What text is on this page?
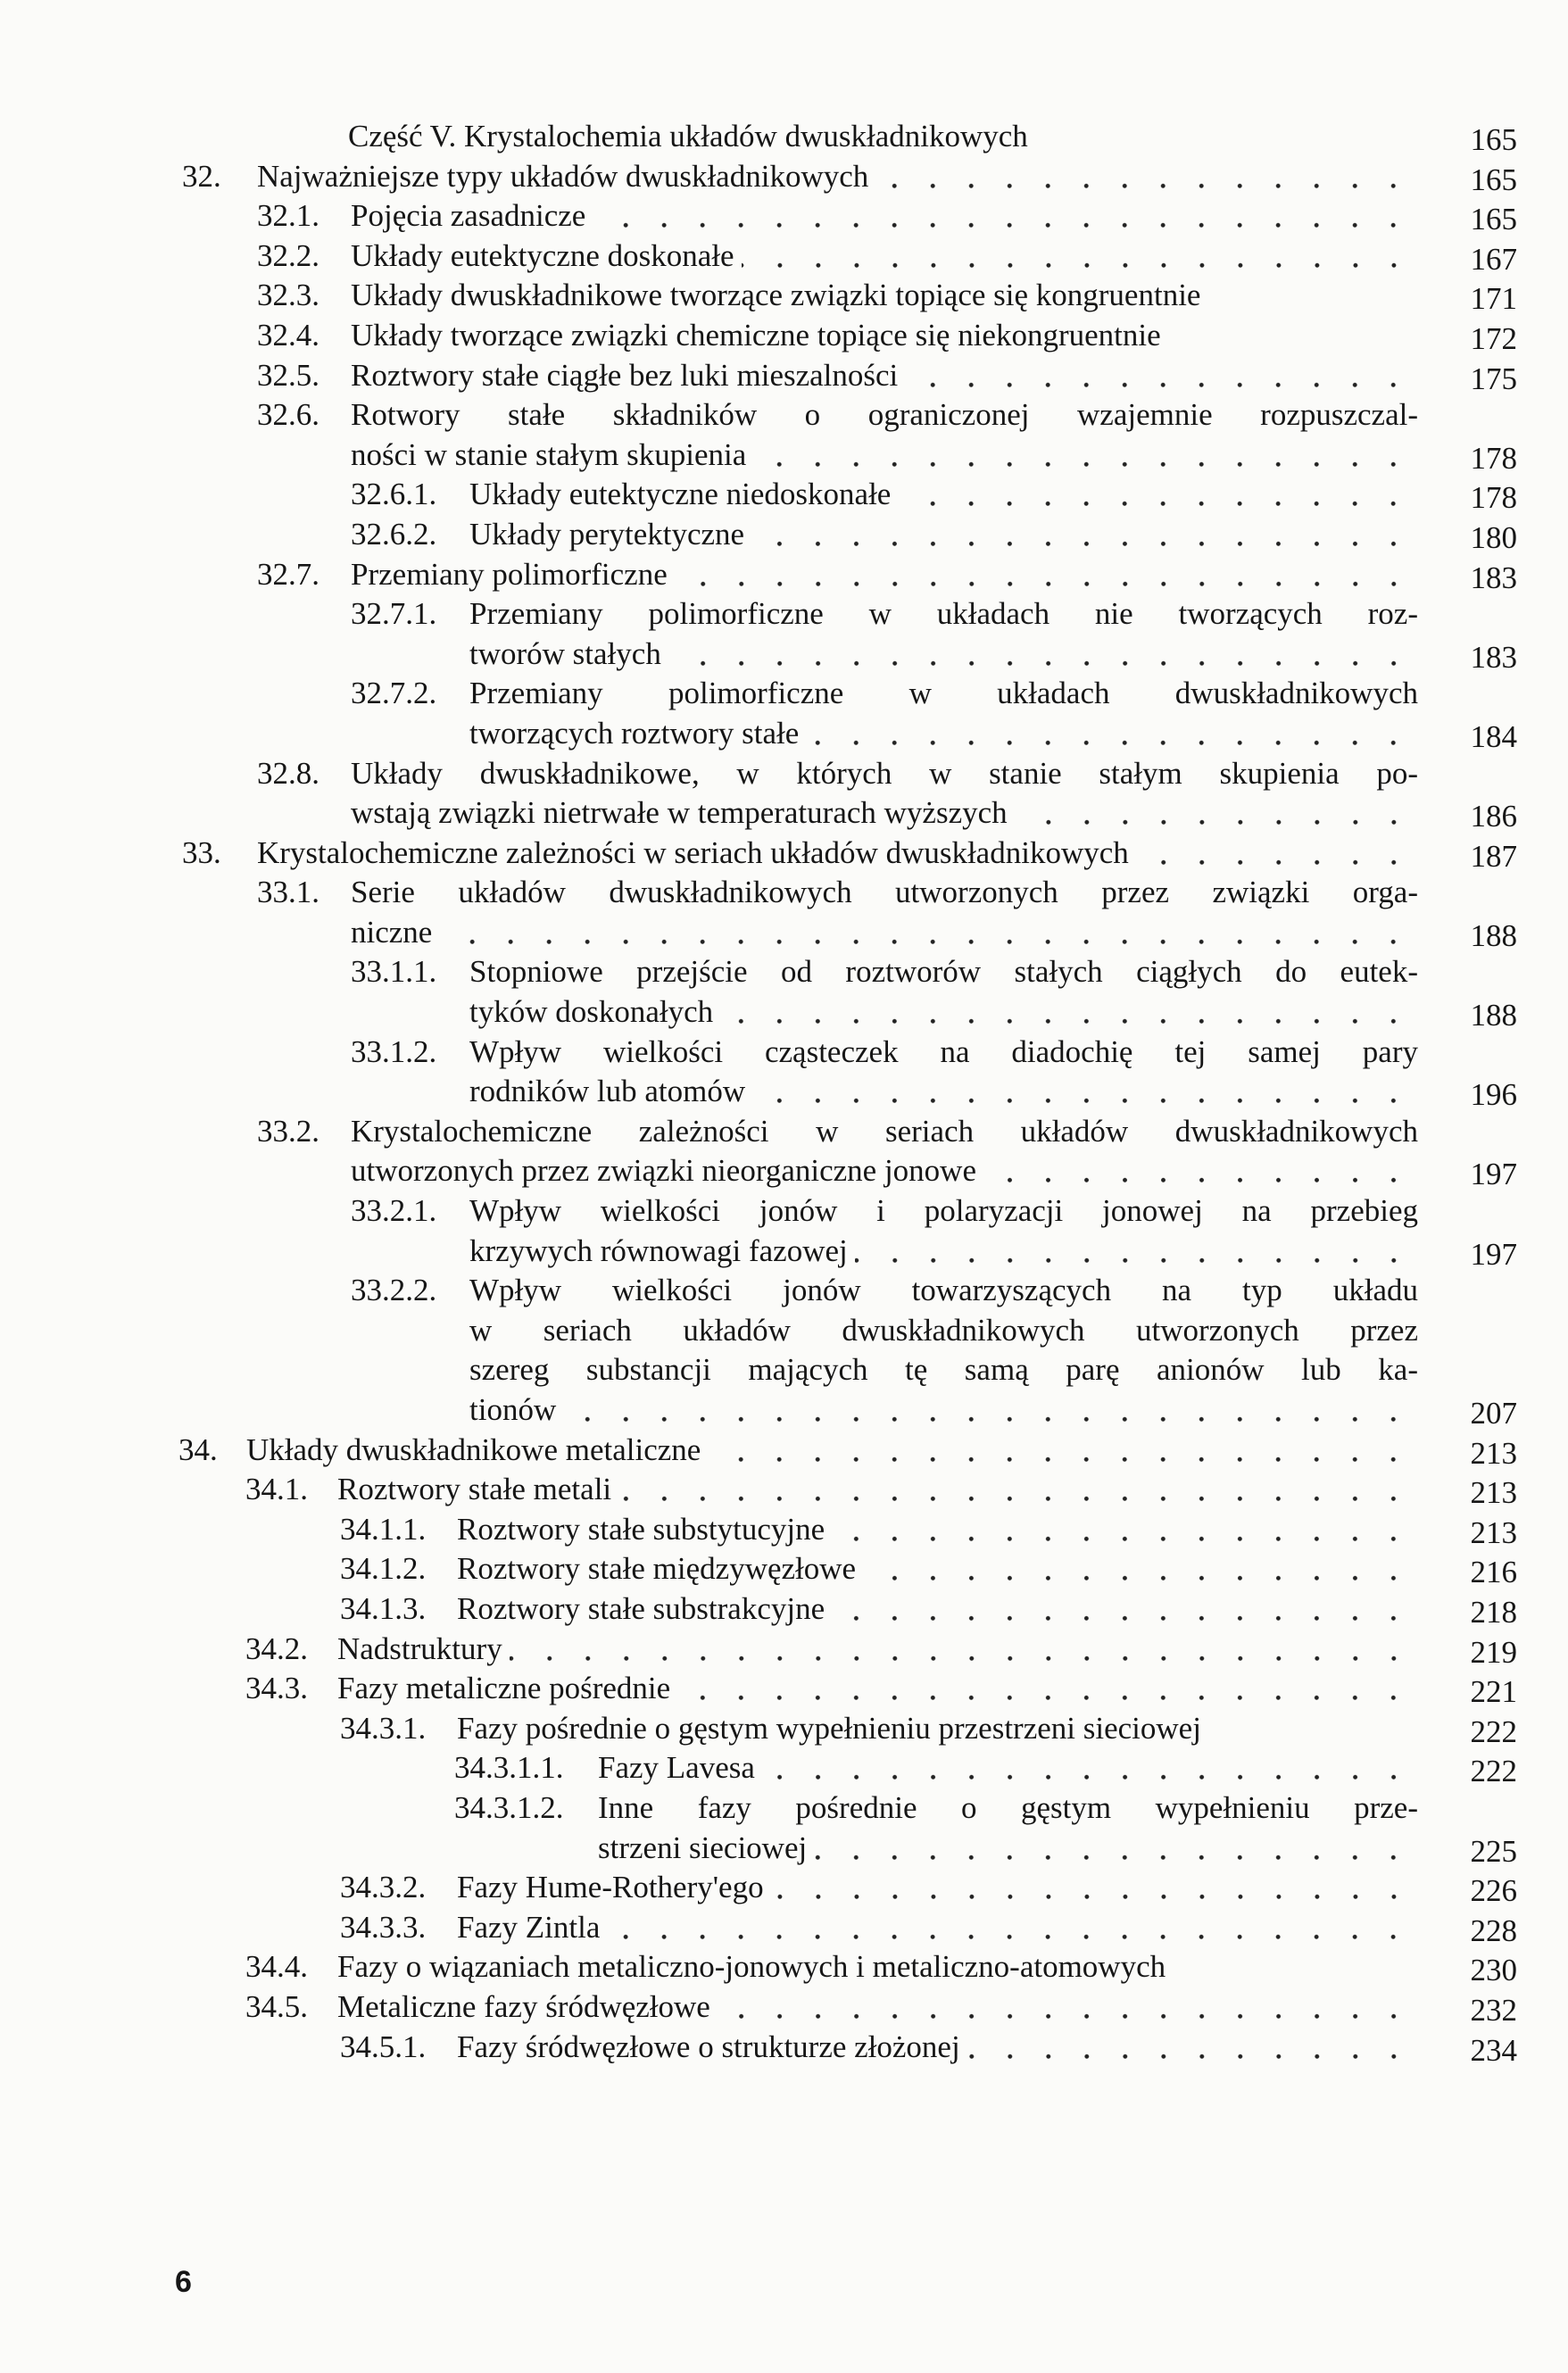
Część V. Krystalochemia układów dwuskładnikowych	165
32. Najważniejsze typy układów dwuskładnikowych	165
32.1. Pojęcia zasadnicze	165
32.2. Układy eutektyczne doskonałe	167
32.3. Układy dwuskładnikowe tworzące związki topiące się kongruentnie	171
32.4. Układy tworzące związki chemiczne topiące się niekongruentnie	172
32.5. Roztwory stałe ciągłe bez luki mieszalności	175
32.6. Rotwory stałe składników o ograniczonej wzajemnie rozpuszczal-
ności w stanie stałym skupienia	178
32.6.1. Układy eutektyczne niedoskonałe	178
32.6.2. Układy perytektyczne	180
32.7. Przemiany polimorficzne	183
32.7.1. Przemiany polimorficzne w układach nie tworzących roz-
tworów stałych	183
32.7.2. Przemiany polimorficzne w układach dwuskładnikowych
tworzących roztwory stałe	184
32.8. Układy dwuskładnikowe, w których w stanie stałym skupienia po-
wstają związki nietrwałe w temperaturach wyższych	186
33. Krystalochemiczne zależności w seriach układów dwuskładnikowych	187
33.1. Serie układów dwuskładnikowych utworzonych przez związki orga-
niczne	188
33.1.1. Stopniowe przejście od roztworów stałych ciągłych do eutek-
tyków doskonałych	188
33.1.2. Wpływ wielkości cząsteczek na diadochię tej samej pary
rodników lub atomów	196
33.2. Krystalochemiczne zależności w seriach układów dwuskładnikowych
utworzonych przez związki nieorganiczne jonowe	197
33.2.1. Wpływ wielkości jonów i polaryzacji jonowej na przebieg
krzywych równowagi fazowej	197
33.2.2. Wpływ wielkości jonów towarzyszących na typ układu
w seriach układów dwuskładnikowych utworzonych przez
szereg substancji mających tę samą parę anionów lub ka-
tionów	207
34. Układy dwuskładnikowe metaliczne	213
34.1. Roztwory stałe metali	213
34.1.1. Roztwory stałe substytucyjne	213
34.1.2. Roztwory stałe międzywęzłowe	216
34.1.3. Roztwory stałe substrakcyjne	218
34.2. Nadstruktury	219
34.3. Fazy metaliczne pośrednie	221
34.3.1. Fazy pośrednie o gęstym wypełnieniu przestrzeni sieciowej	222
34.3.1.1. Fazy Lavesa	222
34.3.1.2. Inne fazy pośrednie o gęstym wypełnieniu prze-
strzeni sieciowej	225
34.3.2. Fazy Hume-Rothery'ego	226
34.3.3. Fazy Zintla	228
34.4. Fazy o wiązaniach metaliczno-jonowych i metaliczno-atomowych	230
34.5. Metaliczne fazy śródwęzłowe	232
34.5.1. Fazy śródwęzłowe o strukturze złożonej	234
6
